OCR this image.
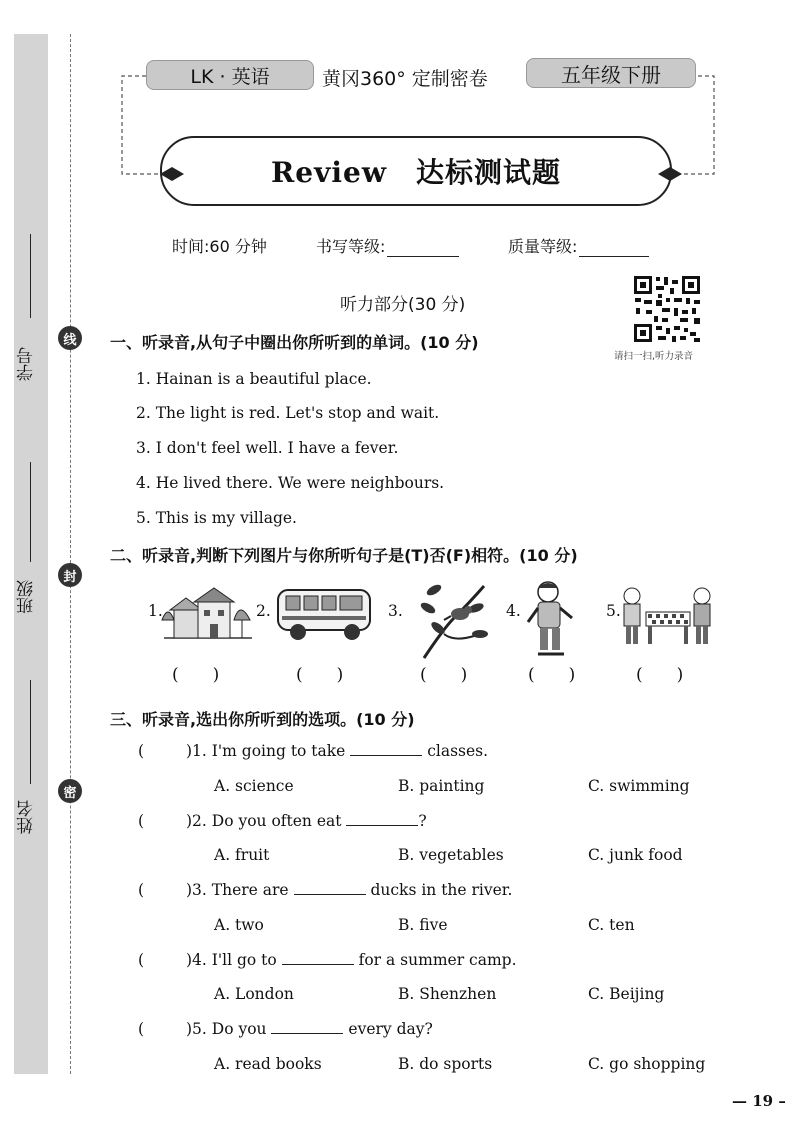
学号
班级
姓名
线
封
密
LK · 英语	黄冈360° 定制密卷	五年级下册
Review　达标测试题
时间:60 分钟	书写等级:	质量等级:
听力部分(30 分)
请扫一扫,听力录音
一、听录音,从句子中圈出你所听到的单词。(10 分)
1. Hainan is a beautiful place.
2. The light is red. Let's stop and wait.
3. I don't feel well. I have a fever.
4. He lived there. We were neighbours.
5. This is my village.
二、听录音,判断下列图片与你所听句子是(T)否(F)相符。(10 分)
1.	2.	3.	4.	5.
(　　)	(　　)	(　　)	(　　)	(　　)
三、听录音,选出你所听到的选项。(10 分)
(	)1. I'm going to take	classes.
A. science	B. painting	C. swimming
(	)2. Do you often eat	?
A. fruit	B. vegetables	C. junk food
(	)3. There are	ducks in the river.
A. two	B. five	C. ten
(	)4. I'll go to	for a summer camp.
A. London	B. Shenzhen	C. Beijing
(	)5. Do you	every day?
A. read books	B. do sports	C. go shopping
— 19 –
